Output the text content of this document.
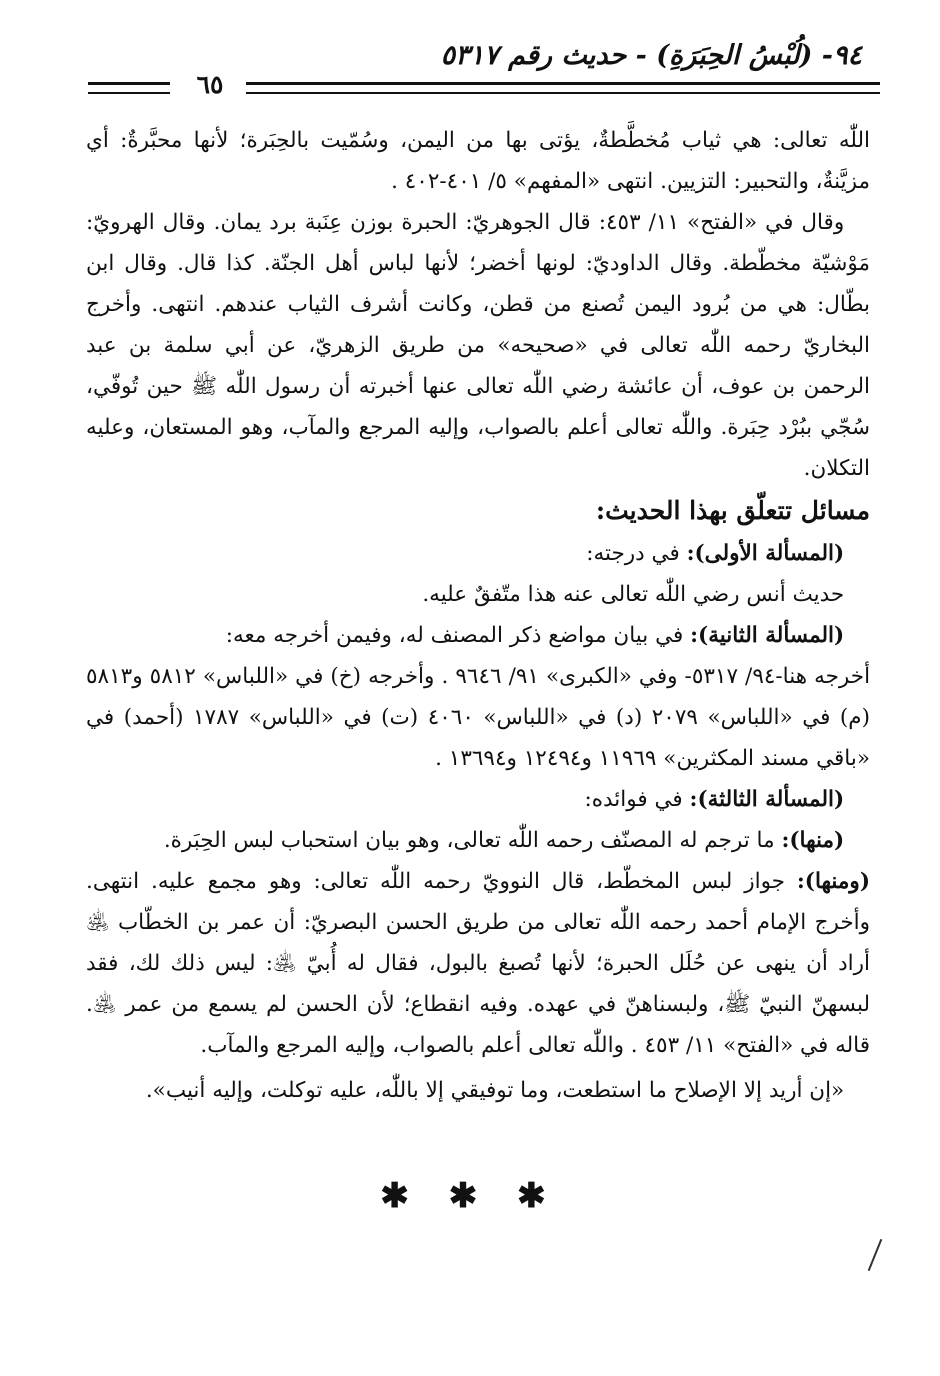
٩٤- (لُبْسُ الحِبَرَةِ) - حديث رقم ٥٣١٧
٦٥

اللّٰه تعالى: هي ثياب مُخطَّطةٌ، يؤتى بها من اليمن، وسُمّيت بالحِبَرة؛ لأنها محبَّرةٌ: أي مزيَّنةٌ، والتحبير: التزيين. انتهى «المفهم» ٥/ ٤٠١-٤٠٢ .

وقال في «الفتح» ١١/ ٤٥٣: قال الجوهريّ: الحبرة بوزن عِنَبة برد يمان. وقال الهرويّ: مَوْشيّة مخطّطة. وقال الداوديّ: لونها أخضر؛ لأنها لباس أهل الجنّة. كذا قال. وقال ابن بطّال: هي من بُرود اليمن تُصنع من قطن، وكانت أشرف الثياب عندهم. انتهى. وأخرج البخاريّ رحمه اللّٰه تعالى في «صحيحه» من طريق الزهريّ، عن أبي سلمة بن عبد الرحمن بن عوف، أن عائشة رضي اللّٰه تعالى عنها أخبرته أن رسول اللّٰه ﷺ حين تُوفّي، سُجّي ببُرْد حِبَرة. واللّٰه تعالى أعلم بالصواب، وإليه المرجع والمآب، وهو المستعان، وعليه التكلان.

مسائل تتعلّق بهذا الحديث:

(المسألة الأولى): في درجته:

حديث أنس رضي اللّٰه تعالى عنه هذا متّفقٌ عليه.

(المسألة الثانية): في بيان مواضع ذكر المصنف له، وفيمن أخرجه معه:

أخرجه هنا-٩٤/ ٥٣١٧- وفي «الكبرى» ٩١/ ٩٦٤٦ . وأخرجه (خ) في «اللباس» ٥٨١٢ و٥٨١٣ (م) في «اللباس» ٢٠٧٩ (د) في «اللباس» ٤٠٦٠ (ت) في «اللباس» ١٧٨٧ (أحمد) في «باقي مسند المكثرين» ١١٩٦٩ و١٢٤٩٤ و١٣٦٩٤ .

(المسألة الثالثة): في فوائده:

(منها): ما ترجم له المصنّف رحمه اللّٰه تعالى، وهو بيان استحباب لبس الحِبَرة.

(ومنها): جواز لبس المخطّط، قال النوويّ رحمه اللّٰه تعالى: وهو مجمع عليه. انتهى. وأخرج الإمام أحمد رحمه اللّٰه تعالى من طريق الحسن البصريّ: أن عمر بن الخطّاب ﵁ أراد أن ينهى عن حُلَل الحبرة؛ لأنها تُصبغ بالبول، فقال له أُبيّ ﵁: ليس ذلك لك، فقد لبسهنّ النبيّ ﷺ، ولبسناهنّ في عهده. وفيه انقطاع؛ لأن الحسن لم يسمع من عمر ﵁. قاله في «الفتح» ١١/ ٤٥٣ . واللّٰه تعالى أعلم بالصواب، وإليه المرجع والمآب.

«إن أريد إلا الإصلاح ما استطعت، وما توفيقي إلا باللّٰه، عليه توكلت، وإليه أنيب».

✱ ✱ ✱
